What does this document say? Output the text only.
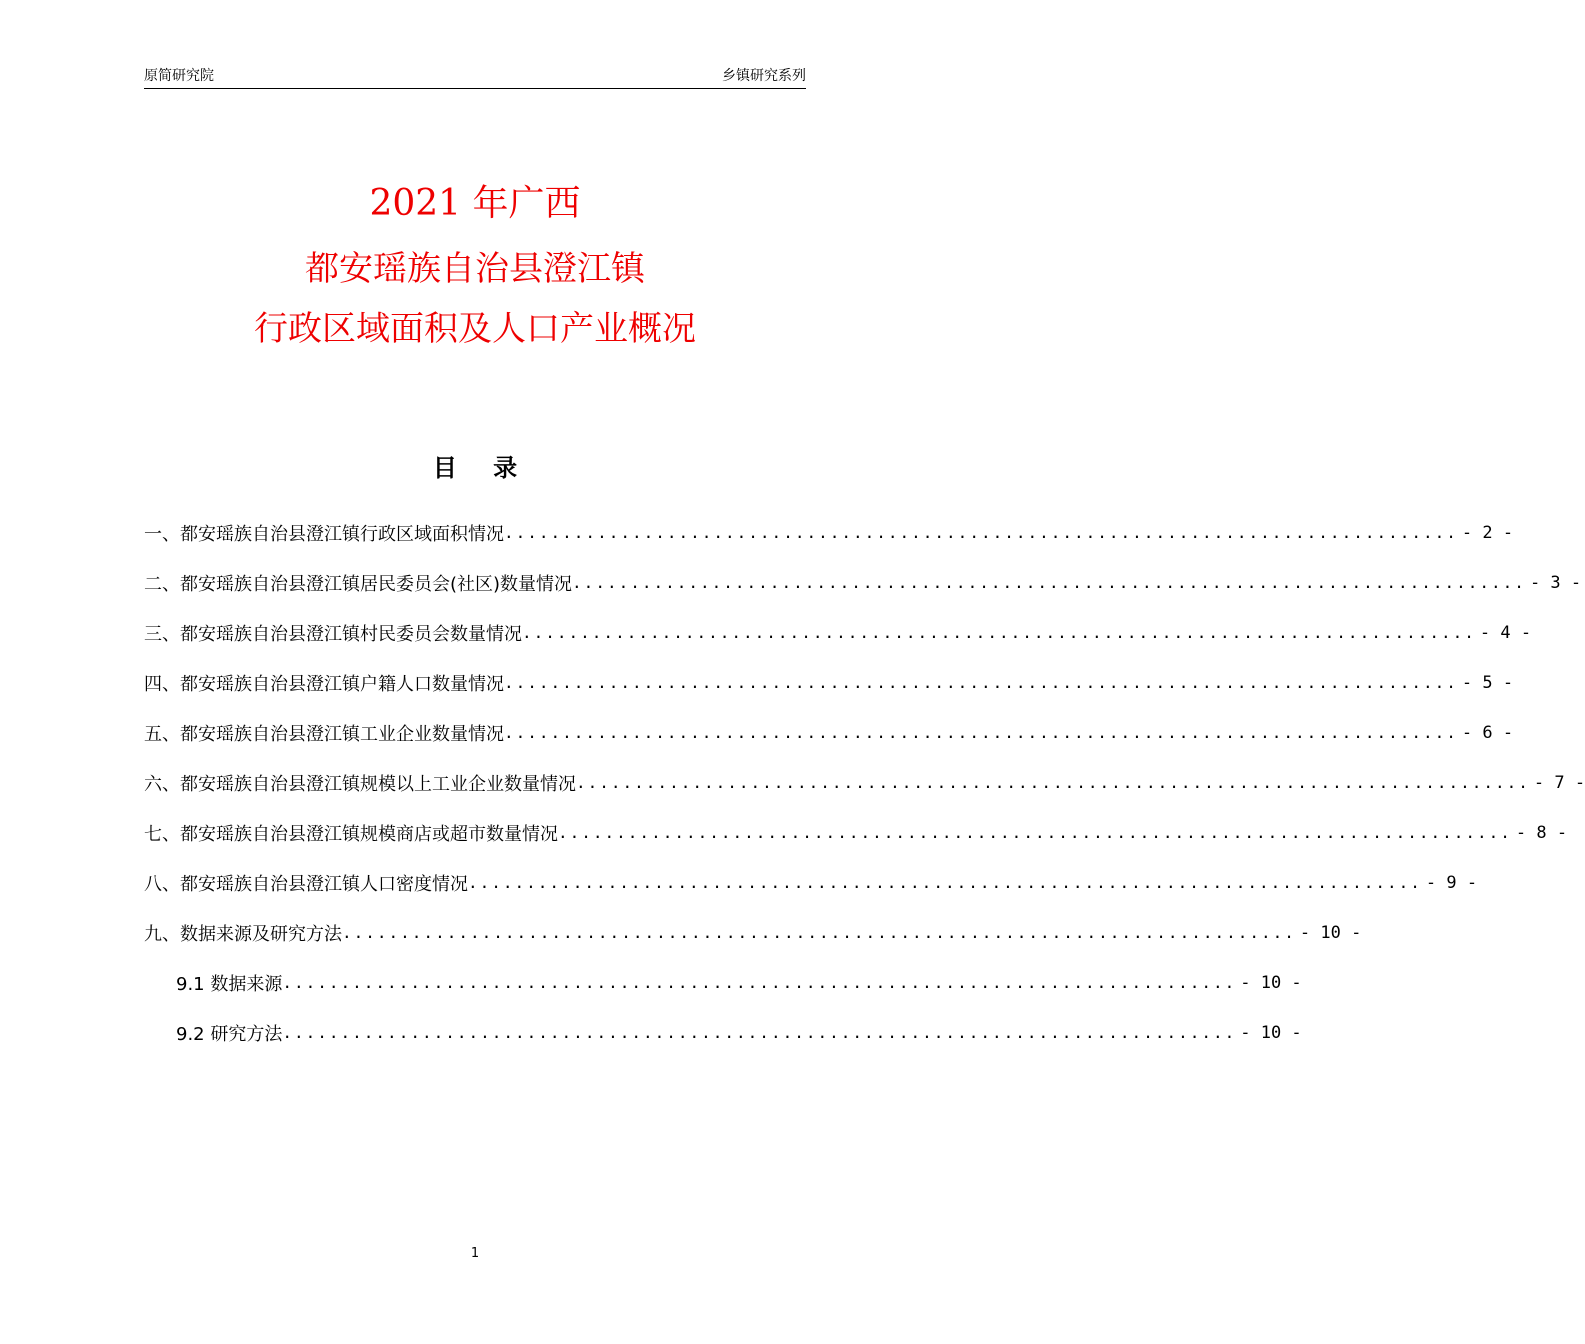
原简研究院	乡镇研究系列
2021 年广西
都安瑶族自治县澄江镇
行政区域面积及人口产业概况
目 录
一、都安瑶族自治县澄江镇行政区域面积情况 .................................................................................. - 2 -
二、都安瑶族自治县澄江镇居民委员会(社区)数量情况 .................................................................................. - 3 -
三、都安瑶族自治县澄江镇村民委员会数量情况 .................................................................................. - 4 -
四、都安瑶族自治县澄江镇户籍人口数量情况 .................................................................................. - 5 -
五、都安瑶族自治县澄江镇工业企业数量情况 .................................................................................. - 6 -
六、都安瑶族自治县澄江镇规模以上工业企业数量情况 .................................................................................. - 7 -
七、都安瑶族自治县澄江镇规模商店或超市数量情况 .................................................................................. - 8 -
八、都安瑶族自治县澄江镇人口密度情况 .................................................................................. - 9 -
九、数据来源及研究方法 .................................................................................. - 10 -
9.1 数据来源 .................................................................................. - 10 -
9.2 研究方法 .................................................................................. - 10 -
1
